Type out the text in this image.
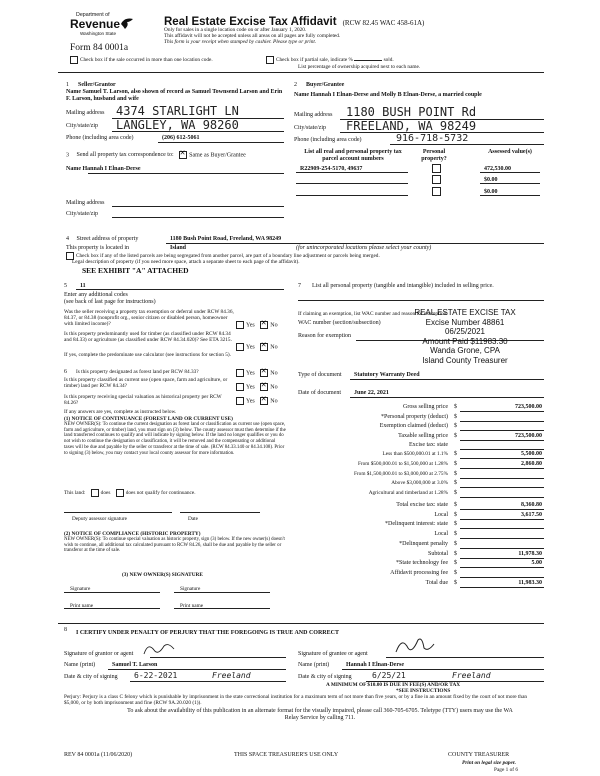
Department of
Revenue
Washington State
Real Estate Excise Tax Affidavit (RCW 82.45 WAC 458-61A)
Only for sales in a single location code on or after January 1, 2020.
This affidavit will not be accepted unless all areas on all pages are fully completed.
This form is your receipt when stamped by cashier. Please type or print.
Form 84 0001a
Check box if the sale occurred in more than one location code.	Check box if partial sale, indicate %	sold.
List percentage of ownership acquired next to each name.
1 Seller/Grantor
Name Samuel T. Larson, also shown of record as Samuel Townsend Larson and Erin F. Larson, husband and wife
Mailing address 4374 STARLIGHT LN
City/state/zip LANGLEY, WA 98260
Phone (including area code)	(206) 612-5061
2 Buyer/Grantee
Name Hannah I Elnan-Derse and Molly B Elnan-Derse, a married couple
Mailing address 1180 BUSH POINT Rd
City/state/zip FREELAND, WA 98249
Phone (including area code)	916-718-5732
3 Send all property tax correspondence to: ✕	Same as Buyer/Grantee
Name Hannah I Elnan-Derse
Mailing address
City/state/zip
List all real and personal property tax parcel account numbers
Personal property?
Assessed value(s)
R22909-254-5170, 49637	472,530.00
$0.00
$0.00
4 Street address of property	1180 Bush Point Road, Freeland, WA 98249
This property is located in	Island	(for unincorporated locations please select your county)
Check box if any of the listed parcels are being segregated from another parcel, are part of a boundary line adjustment or parcels being merged.
Legal description of property (if you need more space, attach a separate sheet to each page of the affidavit).
SEE EXHIBIT "A" ATTACHED
5 11
Enter any additional codes
(see back of last page for instructions)
Was the seller receiving a property tax exemption or deferral under RCW 84.36, 84.37, or 84.38 (nonprofit org., senior citizen or disabled person, homeowner with limited income)?	Yes ✕	No
Is this property predominantly used for timber (as classified under RCW 84.34 and 84.33) or agriculture (as classified under RCW 84.34.020)? See ETA 3215.
Yes ✕	No
If yes, complete the predominate use calculator (see instructions for section 5).
6 Is this property designated as forest land per RCW 84.33?	Yes ✕	No
Is this property classified as current use (open space, farm and agriculture, or timber) land per RCW 84.34?	Yes ✕	No
Is this property receiving special valuation as historical property per RCW 84.26?	Yes ✕	No
If any answers are yes, complete as instructed below.
(1) NOTICE OF CONTINUANCE (FOREST LAND OR CURRENT USE)
NEW OWNER(S): To continue the current designation as forest land or classification as current use (open space, farm and agriculture, or timber) land, you must sign on (3) below. The county assessor must then determine if the land transferred continues to qualify and will indicate by signing below. If the land no longer qualifies or you do not wish to continue the designation or classification, it will be removed and the compensating or additional taxes will be due and payable by the seller or transferor at the time of sale. (RCW 84.33.140 or 84.34.108). Prior to signing (3) below, you may contact your local county assessor for more information.
This land:	does	does not qualify for continuance.
Deputy assessor signature	Date
(2) NOTICE OF COMPLIANCE (HISTORIC PROPERTY)
NEW OWNER(S): To continue special valuation as historic property, sign (3) below. If the new owner(s) doesn't wish to continue, all additional tax calculated pursuant to RCW 84.26, shall be due and payable by the seller or transferor at the time of sale.
(3) NEW OWNER(S) SIGNATURE
Signature	Signature
Print name	Print name
7 List all personal property (tangible and intangible) included in selling price.
If claiming an exemption, list WAC number and reason for exemption.
WAC number (section/subsection)
Reason for exemption
REAL ESTATE EXCISE TAX
Excise Number 48861
06/25/2021
Amount Paid $11983.30
Wanda Grone, CPA
Island County Treasurer
Type of document Statutory Warranty Deed
Date of document June 22, 2021
Gross selling price $	723,500.00
*Personal property (deduct) $
Exemption claimed (deduct) $
Taxable selling price $	723,500.00
Excise tax: state
Less than $500,000.01 at 1.1% $	5,500.00
From $500,000.01 to $1,500,000 at 1.28% $	2,860.80
From $1,500,000.01 to $3,000,000 at 2.75% $
Above $3,000,000 at 3.0% $
Agricultural and timberland at 1.28% $
Total excise tax: state $	8,360.80
Local $	3,617.50
*Delinquent interest: state $
Local $
*Delinquent penalty $
Subtotal $	11,978.30
*State technology fee $	5.00
Affidavit processing fee $
Total due $	11,983.30
A MINIMUM OF $10.00 IS DUE IN FEE(S) AND/OR TAX
*SEE INSTRUCTIONS
8 I CERTIFY UNDER PENALTY OF PERJURY THAT THE FOREGOING IS TRUE AND CORRECT
Signature of grantor or agent
Name (print)	Samuel T. Larson
Date & city of signing 6-22-2021	Freeland
Signature of grantee or agent
Name (print)	Hannah I Elnan-Derse
Date & city of signing	6/25/21	Freeland
Perjury: Perjury is a class C felony which is punishable by imprisonment in the state correctional institution for a maximum term of not more than five years, or by a fine in an amount fixed by the court of not more than $5,000, or by both imprisonment and fine (RCW 9A.20.020 (1)).
To ask about the availability of this publication in an alternate format for the visually impaired, please call 360-705-6705. Teletype (TTY) users may use the WA Relay Service by calling 711.
REV 84 0001a (11/06/2020)	THIS SPACE TREASURER'S USE ONLY	COUNTY TREASURER
Print on legal size paper.
Page 1 of 6
